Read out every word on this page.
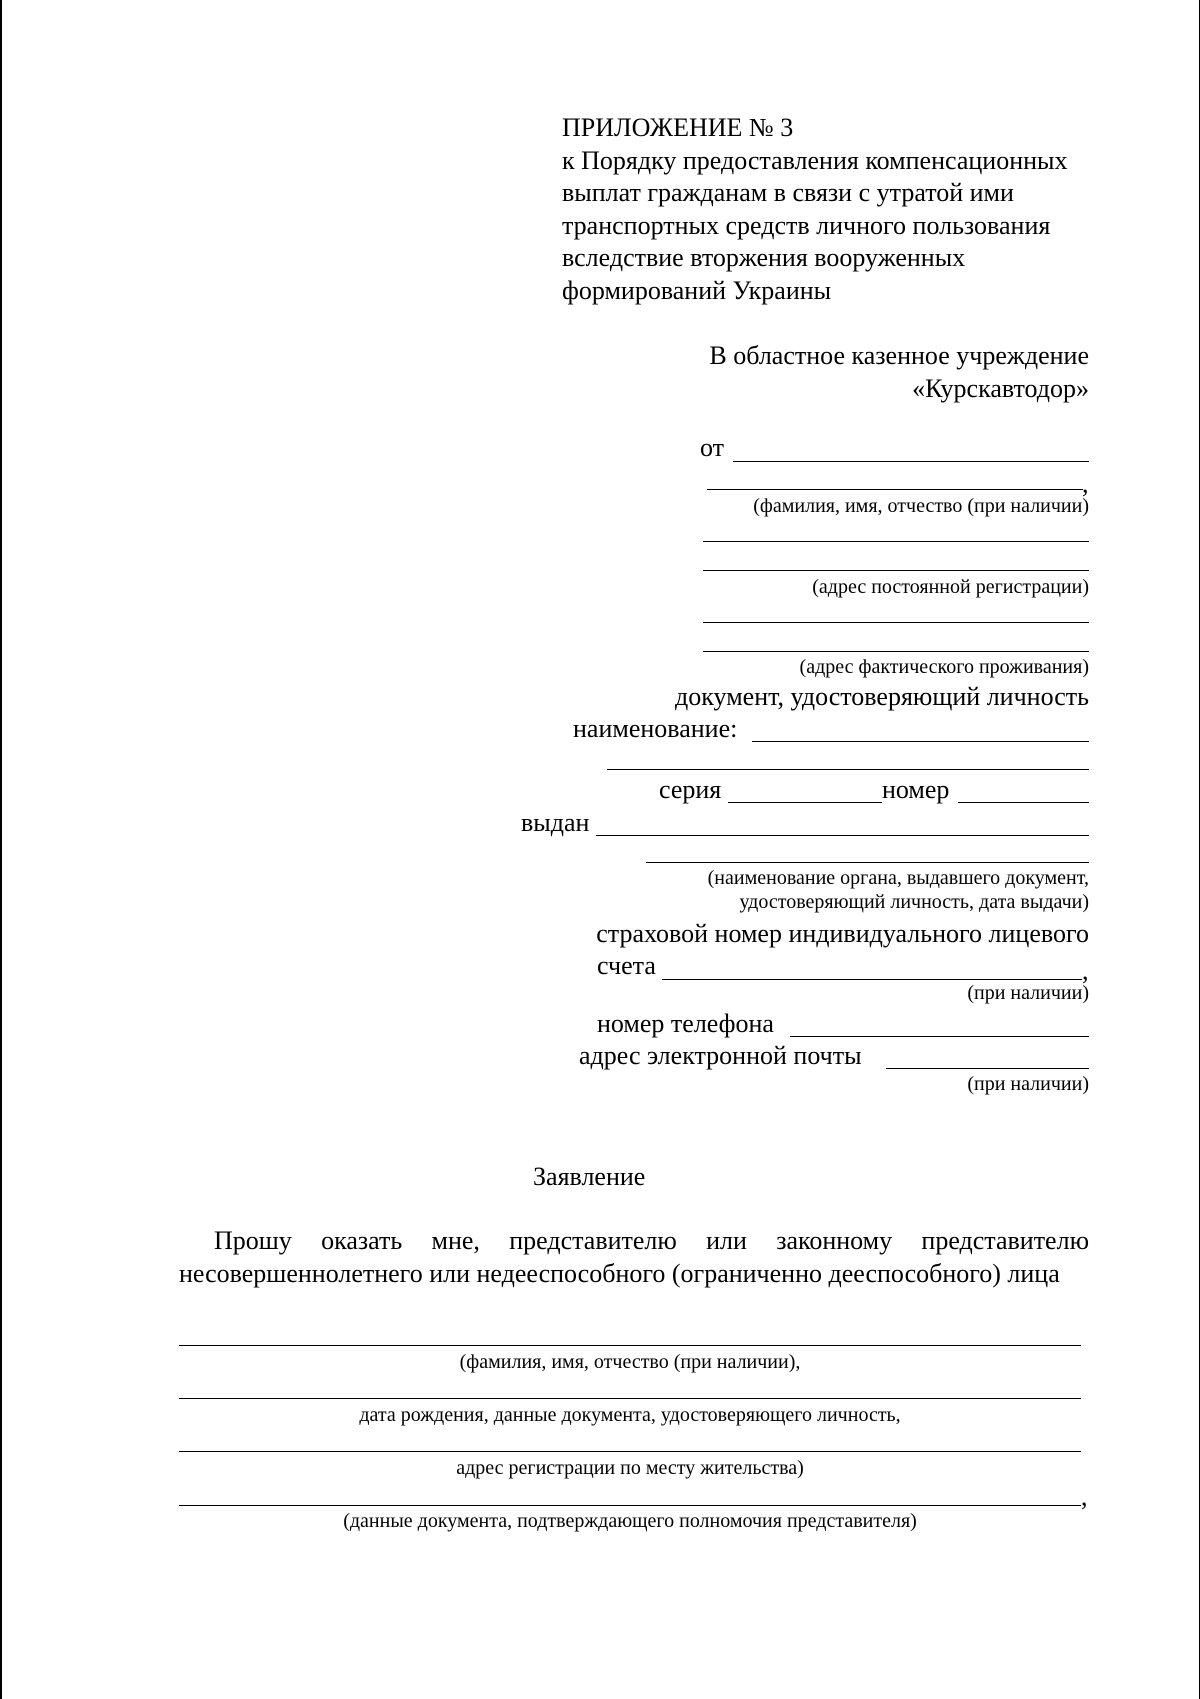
ПРИЛОЖЕНИЕ № 3
к Порядку предоставления компенсационных
выплат гражданам в связи с утратой ими
транспортных средств личного пользования
вследствие вторжения вооруженных
формирований Украины
В областное казенное учреждение
«Курскавтодор»
от
,
(фамилия, имя, отчество (при наличии)
(адрес постоянной регистрации)
(адрес фактического проживания)
документ, удостоверяющий личность
наименование:
серия	номер
выдан
(наименование органа, выдавшего документ,
удостоверяющий личность, дата выдачи)
страховой номер индивидуального лицевого
счета	,
(при наличии)
номер телефона
адрес электронной почты
(при наличии)
Заявление
Прошу оказать мне, представителю или законному представителю несовершеннолетнего или недееспособного (ограниченно дееспособного) лица
(фамилия, имя, отчество (при наличии),
дата рождения, данные документа, удостоверяющего личность,
адрес регистрации по месту жительства)
,
(данные документа, подтверждающего полномочия представителя)
